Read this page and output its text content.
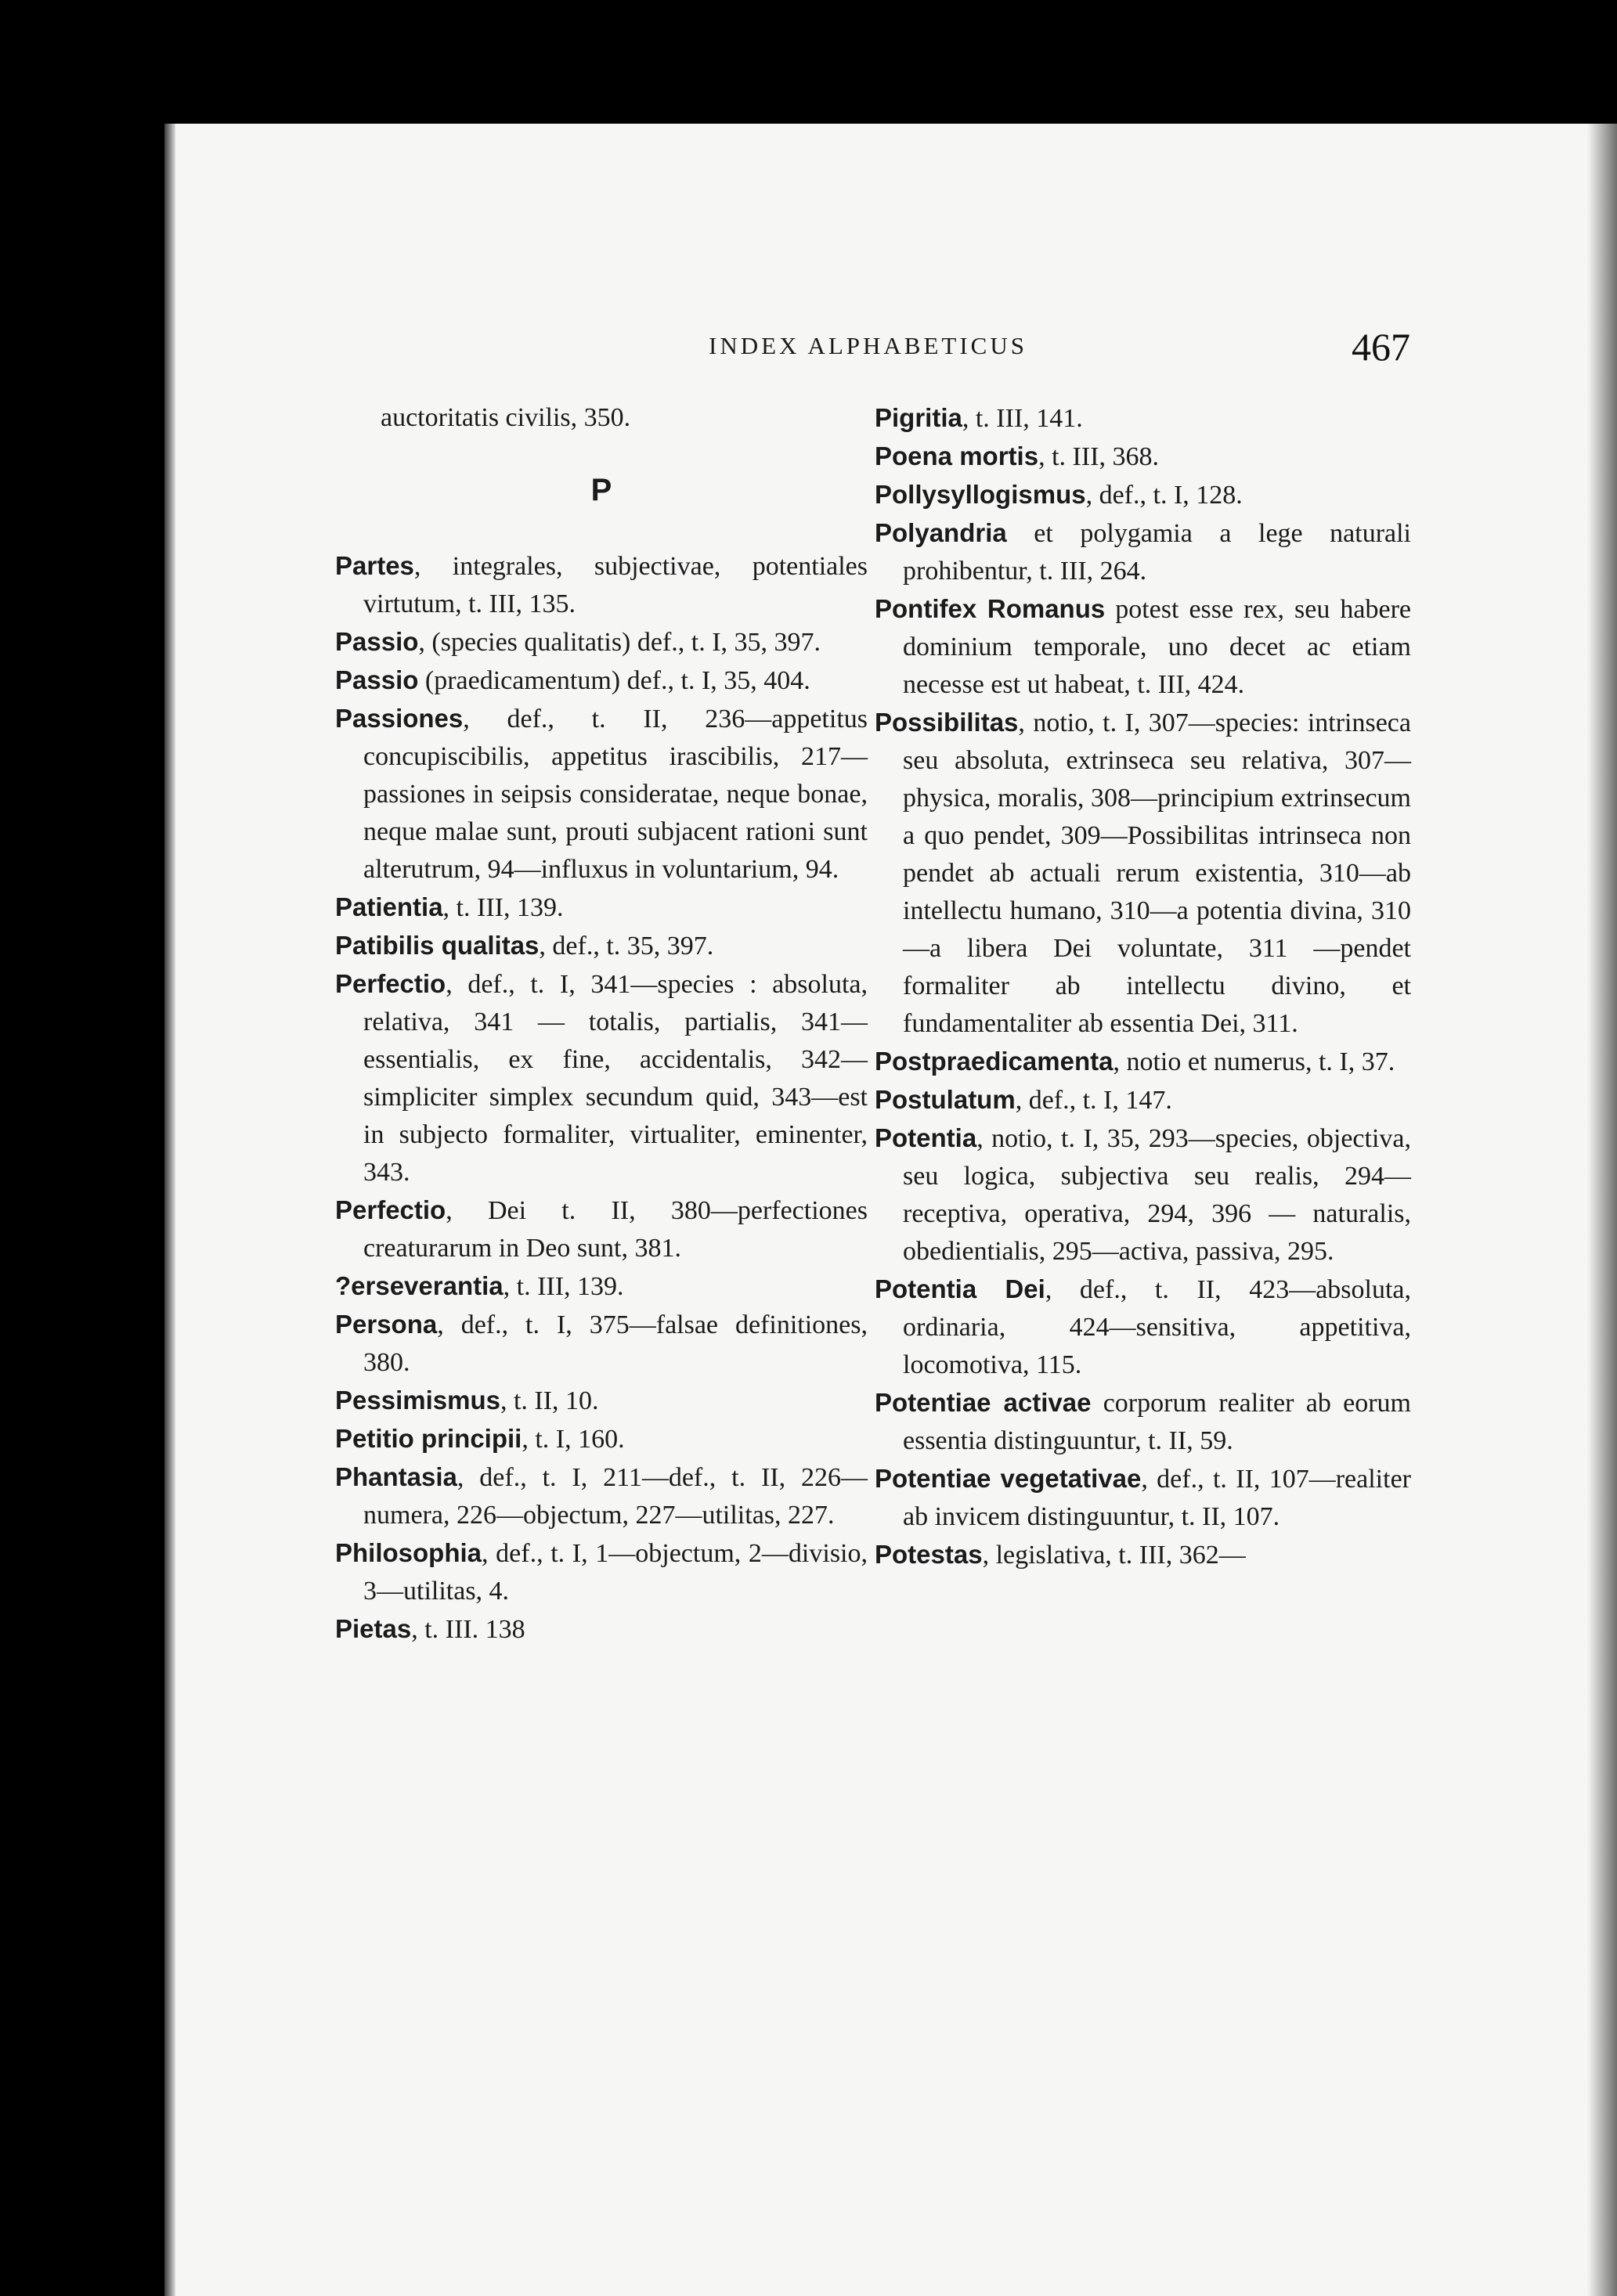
INDEX ALPHABETICUS	467
auctoritatis civilis, 350.
P
Partes, integrales, subjectivae, potentiales virtutum, t. III, 135.
Passio, (species qualitatis) def., t. I, 35, 397.
Passio (praedicamentum) def., t. I, 35, 404.
Passiones, def., t. II, 236—appetitus concupiscibilis, appetitus irascibilis, 217—passiones in seipsis consideratae, neque bonae, neque malae sunt, prouti subjacent rationi sunt alterutrum, 94—influxus in voluntarium, 94.
Patientia, t. III, 139.
Patibilis qualitas, def., t. 35, 397.
Perfectio, def., t. I, 341—species : absoluta, relativa, 341 — totalis, partialis, 341—essentialis, ex fine, accidentalis, 342—simpliciter simplex secundum quid, 343—est in subjecto formaliter, virtualiter, eminenter, 343.
Perfectio, Dei t. II, 380—perfectiones creaturarum in Deo sunt, 381.
?erseverantia, t. III, 139.
Persona, def., t. I, 375—falsae definitiones, 380.
Pessimismus, t. II, 10.
Petitio principii, t. I, 160.
Phantasia, def., t. I, 211—def., t. II, 226—numera, 226—objectum, 227—utilitas, 227.
Philosophia, def., t. I, 1—objectum, 2—divisio, 3—utilitas, 4.
Pietas, t. III. 138
Pigritia, t. III, 141.
Poena mortis, t. III, 368.
Pollysyllogismus, def., t. I, 128.
Polyandria et polygamia a lege naturali prohibentur, t. III, 264.
Pontifex Romanus potest esse rex, seu habere dominium temporale, uno decet ac etiam necesse est ut habeat, t. III, 424.
Possibilitas, notio, t. I, 307—species: intrinseca seu absoluta, extrinseca seu relativa, 307—physica, moralis, 308—principium extrinsecum a quo pendet, 309—Possibilitas intrinseca non pendet ab actuali rerum existentia, 310—ab intellectu humano, 310—a potentia divina, 310—a libera Dei voluntate, 311 —pendet formaliter ab intellectu divino, et fundamentaliter ab essentia Dei, 311.
Postpraedicamenta, notio et numerus, t. I, 37.
Postulatum, def., t. I, 147.
Potentia, notio, t. I, 35, 293—species, objectiva, seu logica, subjectiva seu realis, 294—receptiva, operativa, 294, 396 — naturalis, obedientialis, 295—activa, passiva, 295.
Potentia Dei, def., t. II, 423—absoluta, ordinaria, 424—sensitiva, appetitiva, locomotiva, 115.
Potentiae activae corporum realiter ab eorum essentia distinguuntur, t. II, 59.
Potentiae vegetativae, def., t. II, 107—realiter ab invicem distinguuntur, t. II, 107.
Potestas, legislativa, t. III, 362—
